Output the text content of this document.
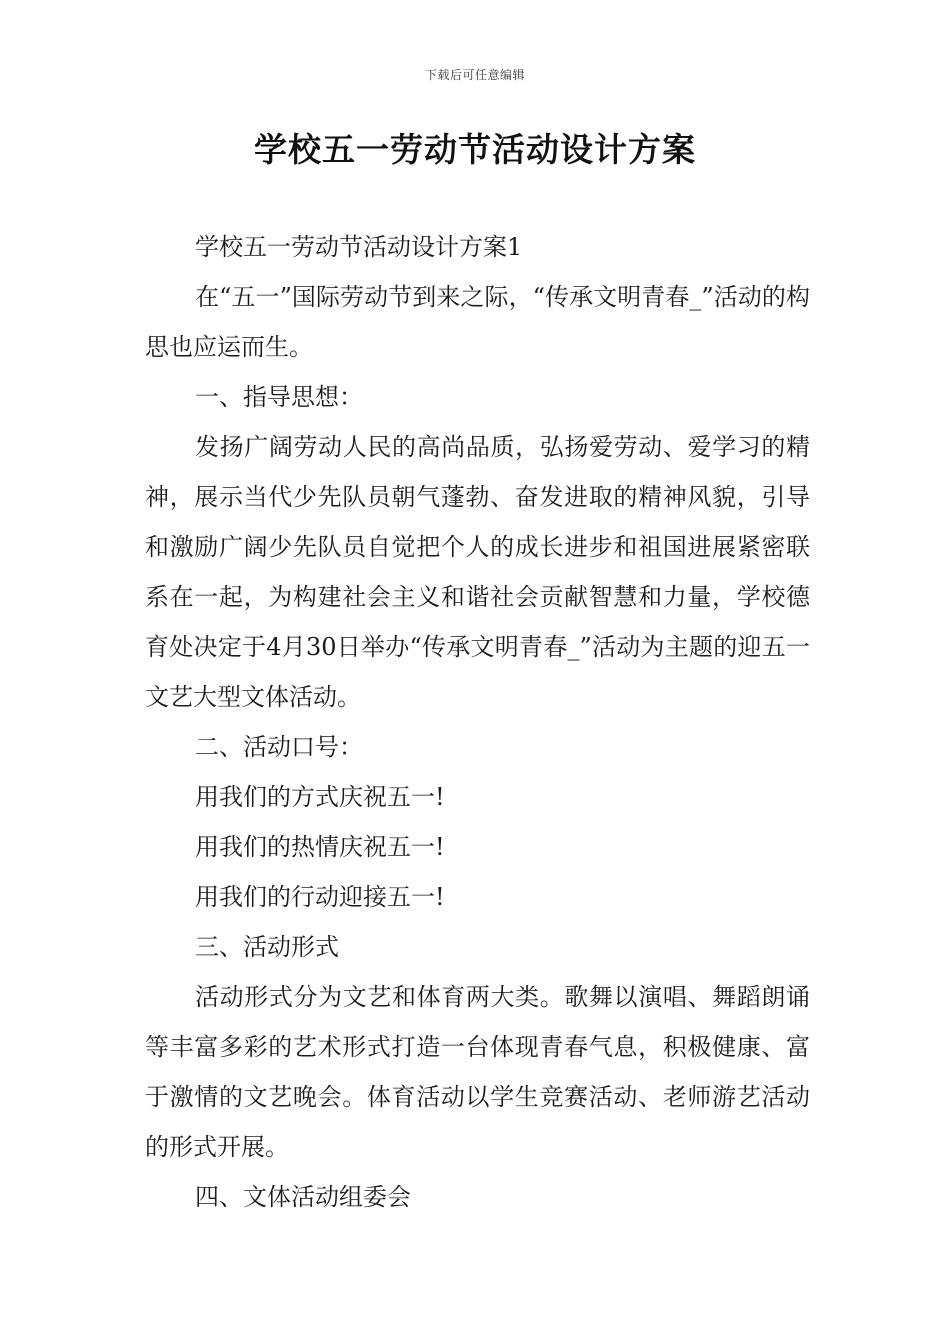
下载后可任意编辑
学校五一劳动节活动设计方案

学校五一劳动节活动设计方案1

在“五一”国际劳动节到来之际，“传承文明青春_”活动的构思也应运而生。

一、指导思想：

发扬广阔劳动人民的高尚品质，弘扬爱劳动、爱学习的精神，展示当代少先队员朝气蓬勃、奋发进取的精神风貌，引导和激励广阔少先队员自觉把个人的成长进步和祖国进展紧密联系在一起，为构建社会主义和谐社会贡献智慧和力量，学校德育处决定于4月30日举办“传承文明青春_”活动为主题的迎五一文艺大型文体活动。

二、活动口号：

用我们的方式庆祝五一!

用我们的热情庆祝五一!

用我们的行动迎接五一!

三、活动形式

活动形式分为文艺和体育两大类。歌舞以演唱、舞蹈朗诵等丰富多彩的艺术形式打造一台体现青春气息，积极健康、富于激情的文艺晚会。体育活动以学生竞赛活动、老师游艺活动的形式开展。

四、文体活动组委会
